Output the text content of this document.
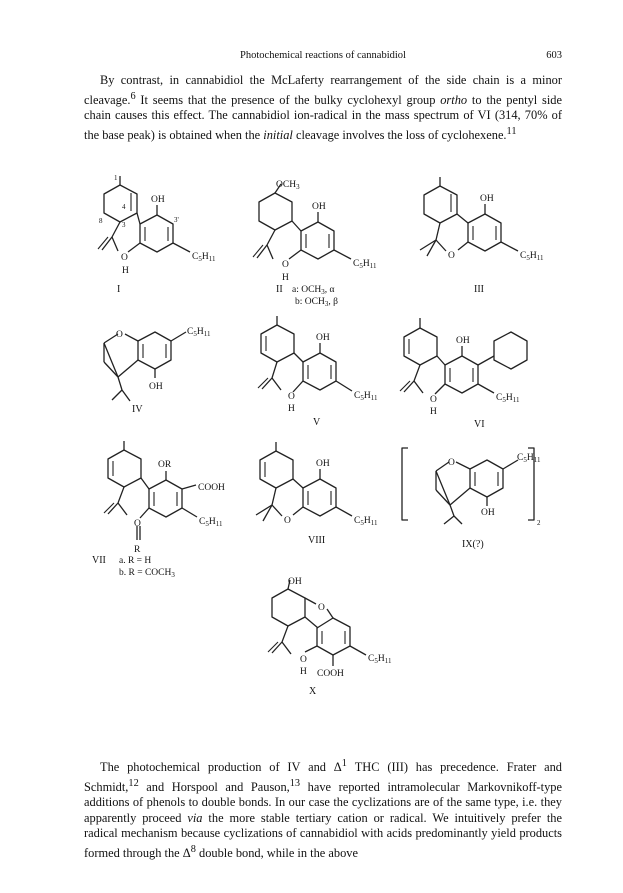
Photochemical reactions of cannabidiol	603

By contrast, in cannabidiol the McLaferty rearrangement of the side chain is a minor cleavage.$^6$ It seems that the presence of the bulky cyclohexyl group ortho to the pentyl side chain causes this effect. The cannabidiol ion-radical in the mass spectrum of VI (314, 70% of the base peak) is obtained when the initial cleavage involves the loss of cyclohexene.$^{11}$

OH
O
H
$C_5H_{11}$
1
4
3
8	3'
I
$OCH_3$
OH
O
H
$C_5H_{11}$
II a: $OCH_3$, α
b: $OCH_3$, β
OH
O	$C_5H_{11}$
III
O
OH
$C_5H_{11}$
IV
OH
O
H
$C_5H_{11}$
V
OH
O
H
$C_5H_{11}$
VI
OR
COOH
O
R
$C_5H_{11}$
VII a. R = H
b. $R = COCH_3$
OH
O	$C_5H_{11}$
VIII
O
OH
$C_5H_{11}$
2
IX(?)
OH
O
O
H COOH
$C_5H_{11}$
X

The photochemical production of IV and $\Delta^1$ THC (III) has precedence. Frater and Schmidt,$^{12}$ and Horspool and Pauson,$^{13}$ have reported intramolecular Markovnikoff-type additions of phenols to double bonds. In our case the cyclizations are of the same type, i.e. they apparently proceed via the more stable tertiary cation or radical. We intuitively prefer the radical mechanism because cyclizations of cannabidiol with acids predominantly yield products formed through the $\Delta^8$ double bond, while in the above
